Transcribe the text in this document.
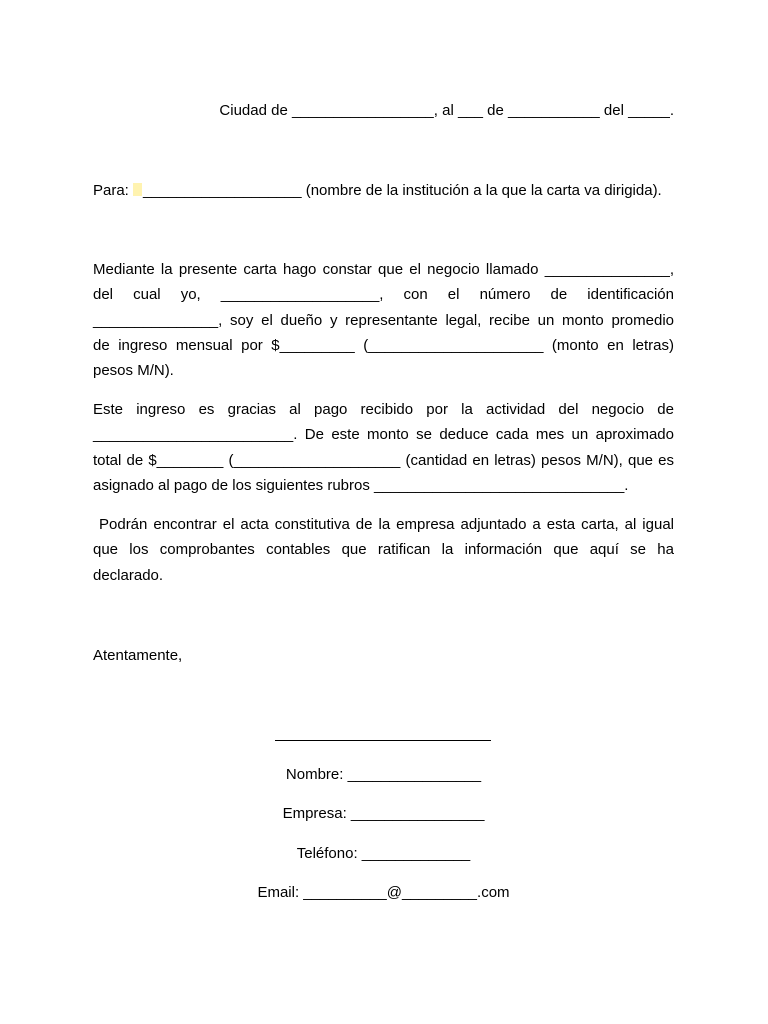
Ciudad de _________________, al ___ de ___________ del _____.
Para: ___________________ (nombre de la institución a la que la carta va dirigida).
Mediante la presente carta hago constar que el negocio llamado _______________,
del cual yo, ___________________, con el número de identificación
_______________, soy el dueño y representante legal, recibe un monto promedio
de ingreso mensual por $_________ (_____________________ (monto en letras)
pesos M/N).
Este ingreso es gracias al pago recibido por la actividad del negocio de
________________________. De este monto se deduce cada mes un aproximado
total de $________ (____________________ (cantidad en letras) pesos M/N), que es
asignado al pago de los siguientes rubros ______________________________.
Podrán encontrar el acta constitutiva de la empresa adjuntado a esta carta, al igual
que los comprobantes contables que ratifican la información que aquí se ha
declarado.
Atentamente,
Nombre: ________________
Empresa: ________________
Teléfono: _____________
Email: __________@_________.com
